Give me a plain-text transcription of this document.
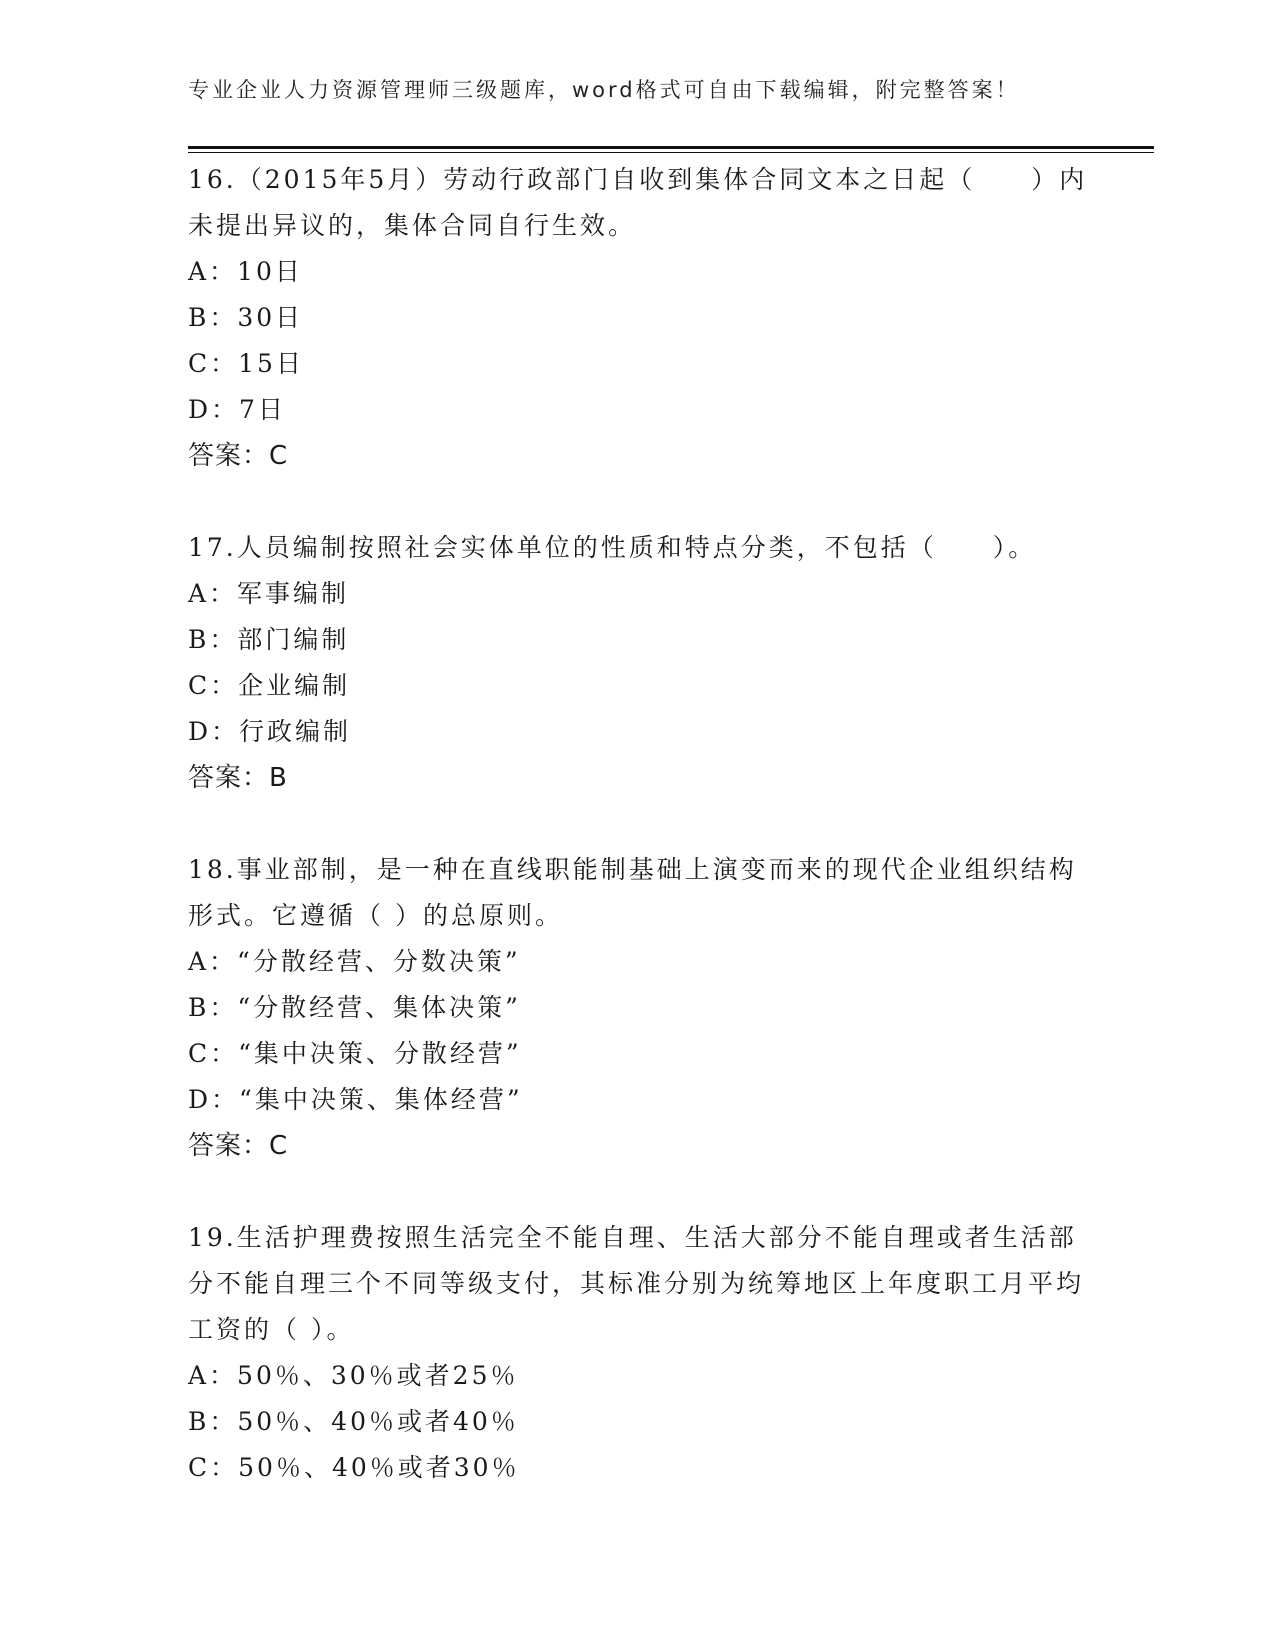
专业企业人力资源管理师三级题库，word格式可自由下载编辑，附完整答案！

16.（2015年5月）劳动行政部门自收到集体合同文本之日起（　　）内未提出异议的，集体合同自行生效。

A：10日

B：30日

C：15日

D：7日

答案：C

17.人员编制按照社会实体单位的性质和特点分类，不包括（　　）。

A：军事编制

B：部门编制

C：企业编制

D：行政编制

答案：B

18.事业部制，是一种在直线职能制基础上演变而来的现代企业组织结构形式。它遵循（ ）的总原则。

A：“分散经营、分数决策”

B：“分散经营、集体决策”

C：“集中决策、分散经营”

D：“集中决策、集体经营”

答案：C

19.生活护理费按照生活完全不能自理、生活大部分不能自理或者生活部分不能自理三个不同等级支付，其标准分别为统筹地区上年度职工月平均工资的（ ）。

A：50％、30％或者25％

B：50％、40％或者40％

C：50％、40％或者30％
